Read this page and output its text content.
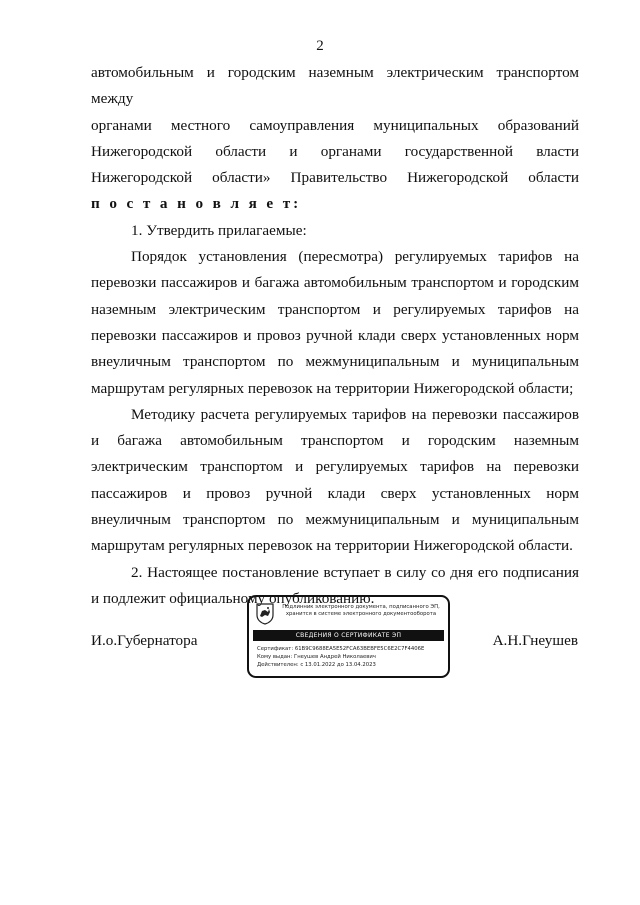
2

автомобильным и городским наземным электрическим транспортом между

органами местного самоуправления муниципальных образований

Нижегородской области и органами государственной власти

Нижегородской области» Правительство Нижегородской области

п о с т а н о в л я е т:

1. Утвердить прилагаемые:

Порядок установления (пересмотра) регулируемых тарифов на перевозки пассажиров и багажа автомобильным транспортом и городским наземным электрическим транспортом и регулируемых тарифов на перевозки пассажиров и провоз ручной клади сверх установленных норм внеуличным транспортом по межмуниципальным и муниципальным маршрутам регулярных перевозок на территории Нижегородской области;

Методику расчета регулируемых тарифов на перевозки пассажиров и багажа автомобильным транспортом и городским наземным электрическим транспортом и регулируемых тарифов на перевозки пассажиров и провоз ручной клади сверх установленных норм внеуличным транспортом по межмуниципальным и муниципальным маршрутам регулярных перевозок на территории Нижегородской области.

2. Настоящее постановление вступает в силу со дня его подписания и подлежит официальному опубликованию.

И.о.Губернатора
Подлинник электронного документа, подписанного ЭП,
хранится в системе электронного документооборота
СВЕДЕНИЯ О СЕРТИФИКАТЕ ЭП
Сертификат: 61B9C9688EA5E52FCA63BEBFE5C6E2C7F4406E
Кому выдан: Гнеушев Андрей Николаевич
Действителен: с 13.01.2022 до 13.04.2023
А.Н.Гнеушев
